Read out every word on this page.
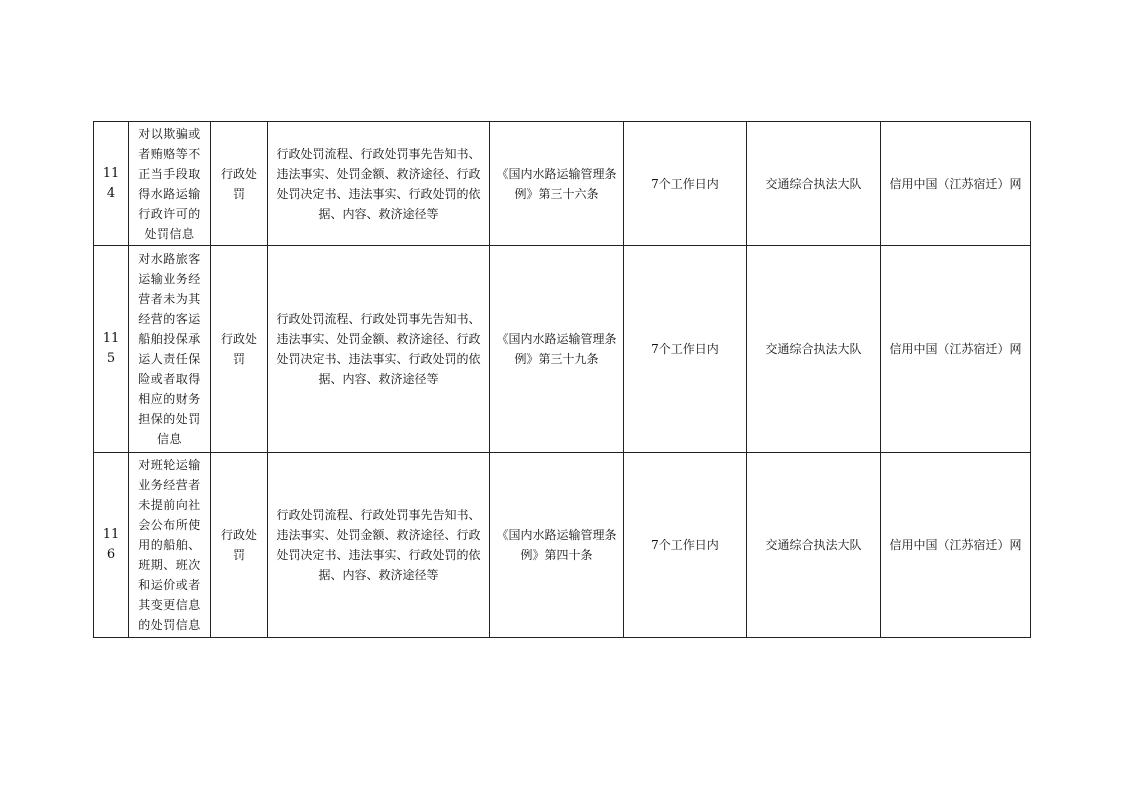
114	对以欺骗或者贿赂等不正当手段取得水路运输行政许可的处罚信息	行政处罚	行政处罚流程、行政处罚事先告知书、违法事实、处罚金额、救济途径、行政处罚决定书、违法事实、行政处罚的依据、内容、救济途径等	《国内水路运输管理条例》第三十六条	7个工作日内	交通综合执法大队	信用中国（江苏宿迁）网
115	对水路旅客运输业务经营者未为其经营的客运船舶投保承运人责任保险或者取得相应的财务担保的处罚信息	行政处罚	行政处罚流程、行政处罚事先告知书、违法事实、处罚金额、救济途径、行政处罚决定书、违法事实、行政处罚的依据、内容、救济途径等	《国内水路运输管理条例》第三十九条	7个工作日内	交通综合执法大队	信用中国（江苏宿迁）网
116	对班轮运输业务经营者未提前向社会公布所使用的船舶、班期、班次和运价或者其变更信息的处罚信息	行政处罚	行政处罚流程、行政处罚事先告知书、违法事实、处罚金额、救济途径、行政处罚决定书、违法事实、行政处罚的依据、内容、救济途径等	《国内水路运输管理条例》第四十条	7个工作日内	交通综合执法大队	信用中国（江苏宿迁）网
